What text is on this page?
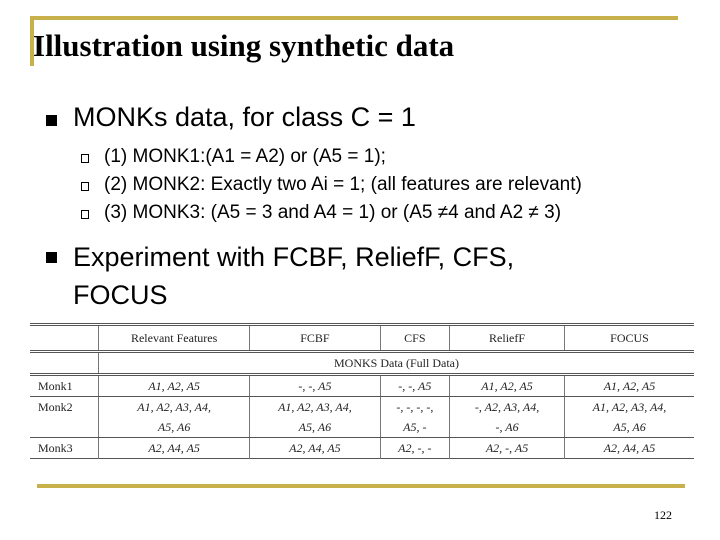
Illustration using synthetic data
MONKs data, for class C = 1
(1) MONK1:(A1 = A2) or (A5 = 1);
(2) MONK2: Exactly two Ai = 1; (all features are relevant)
(3) MONK3: (A5 = 3 and A4 = 1) or (A5 ≠4 and A2 ≠ 3)
Experiment with FCBF, ReliefF, CFS,
FOCUS
	Relevant Features	FCBF	CFS	ReliefF	FOCUS
	MONKS Data (Full Data)				
Monk1	A1, A2, A5	-, -, A5	-, -, A5	A1, A2, A5	A1, A2, A5
Monk2	A1, A2, A3, A4,	A1, A2, A3, A4,	-, -, -, -,	-, A2, A3, A4,	A1, A2, A3, A4,
	A5, A6	A5, A6	A5, -	-, A6	A5, A6
Monk3	A2, A4, A5	A2, A4, A5	A2, -, -	A2, -, A5	A2, A4, A5
122
